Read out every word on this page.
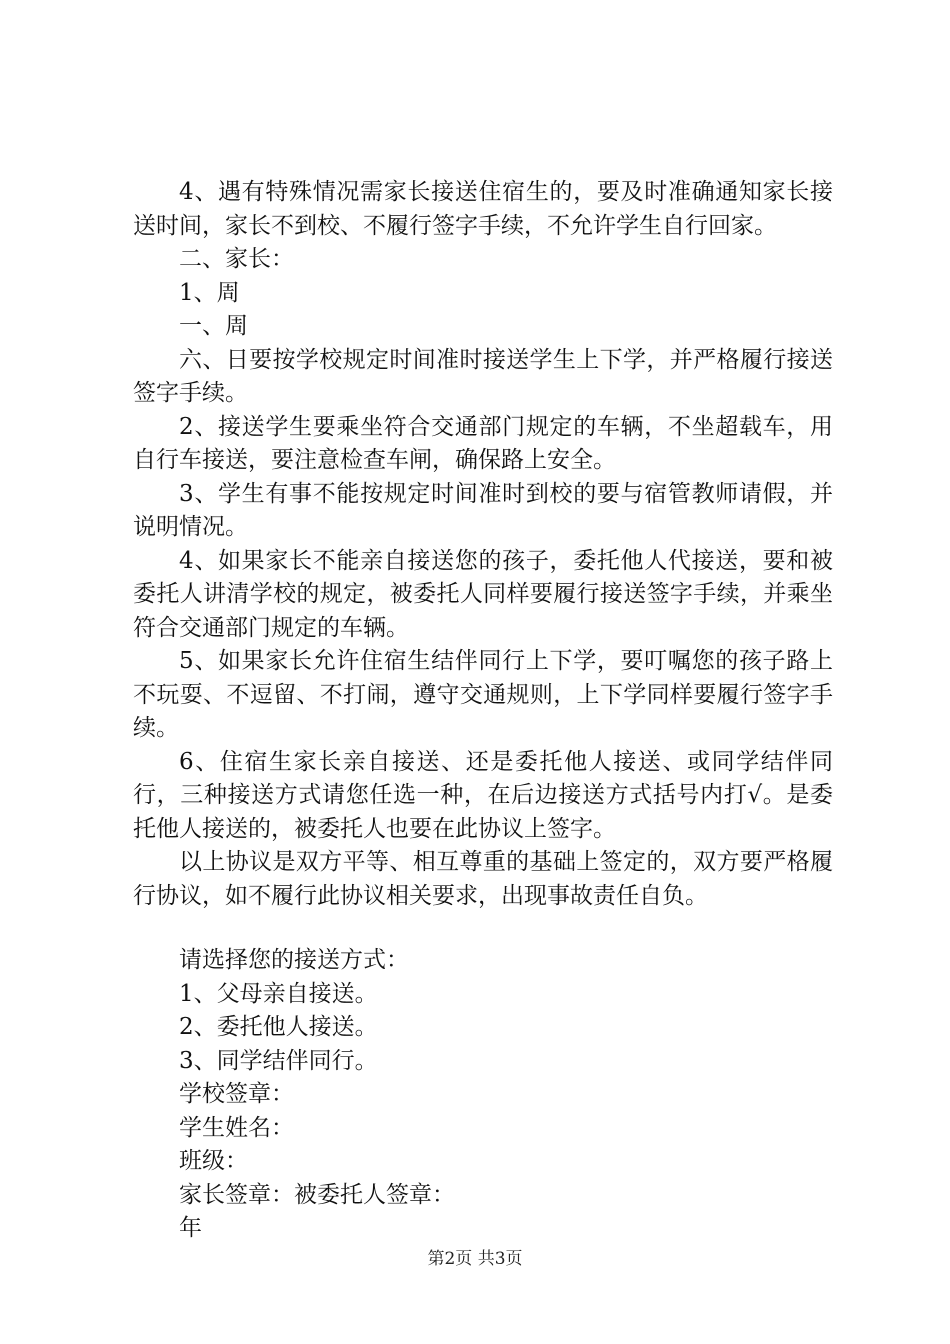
4、遇有特殊情况需家长接送住宿生的，要及时准确通知家长接送时间，家长不到校、不履行签字手续，不允许学生自行回家。

二、家长：

1、周

一、周

六、日要按学校规定时间准时接送学生上下学，并严格履行接送签字手续。

2、接送学生要乘坐符合交通部门规定的车辆，不坐超载车，用自行车接送，要注意检查车闸，确保路上安全。

3、学生有事不能按规定时间准时到校的要与宿管教师请假，并说明情况。

4、如果家长不能亲自接送您的孩子，委托他人代接送，要和被委托人讲清学校的规定，被委托人同样要履行接送签字手续，并乘坐符合交通部门规定的车辆。

5、如果家长允许住宿生结伴同行上下学，要叮嘱您的孩子路上不玩耍、不逗留、不打闹，遵守交通规则，上下学同样要履行签字手续。

6、住宿生家长亲自接送、还是委托他人接送、或同学结伴同行，三种接送方式请您任选一种，在后边接送方式括号内打√。是委托他人接送的，被委托人也要在此协议上签字。

以上协议是双方平等、相互尊重的基础上签定的，双方要严格履行协议，如不履行此协议相关要求，出现事故责任自负。

请选择您的接送方式：

1、父母亲自接送。

2、委托他人接送。

3、同学结伴同行。

学校签章：

学生姓名：

班级：

家长签章：被委托人签章：

年

第2页 共3页
